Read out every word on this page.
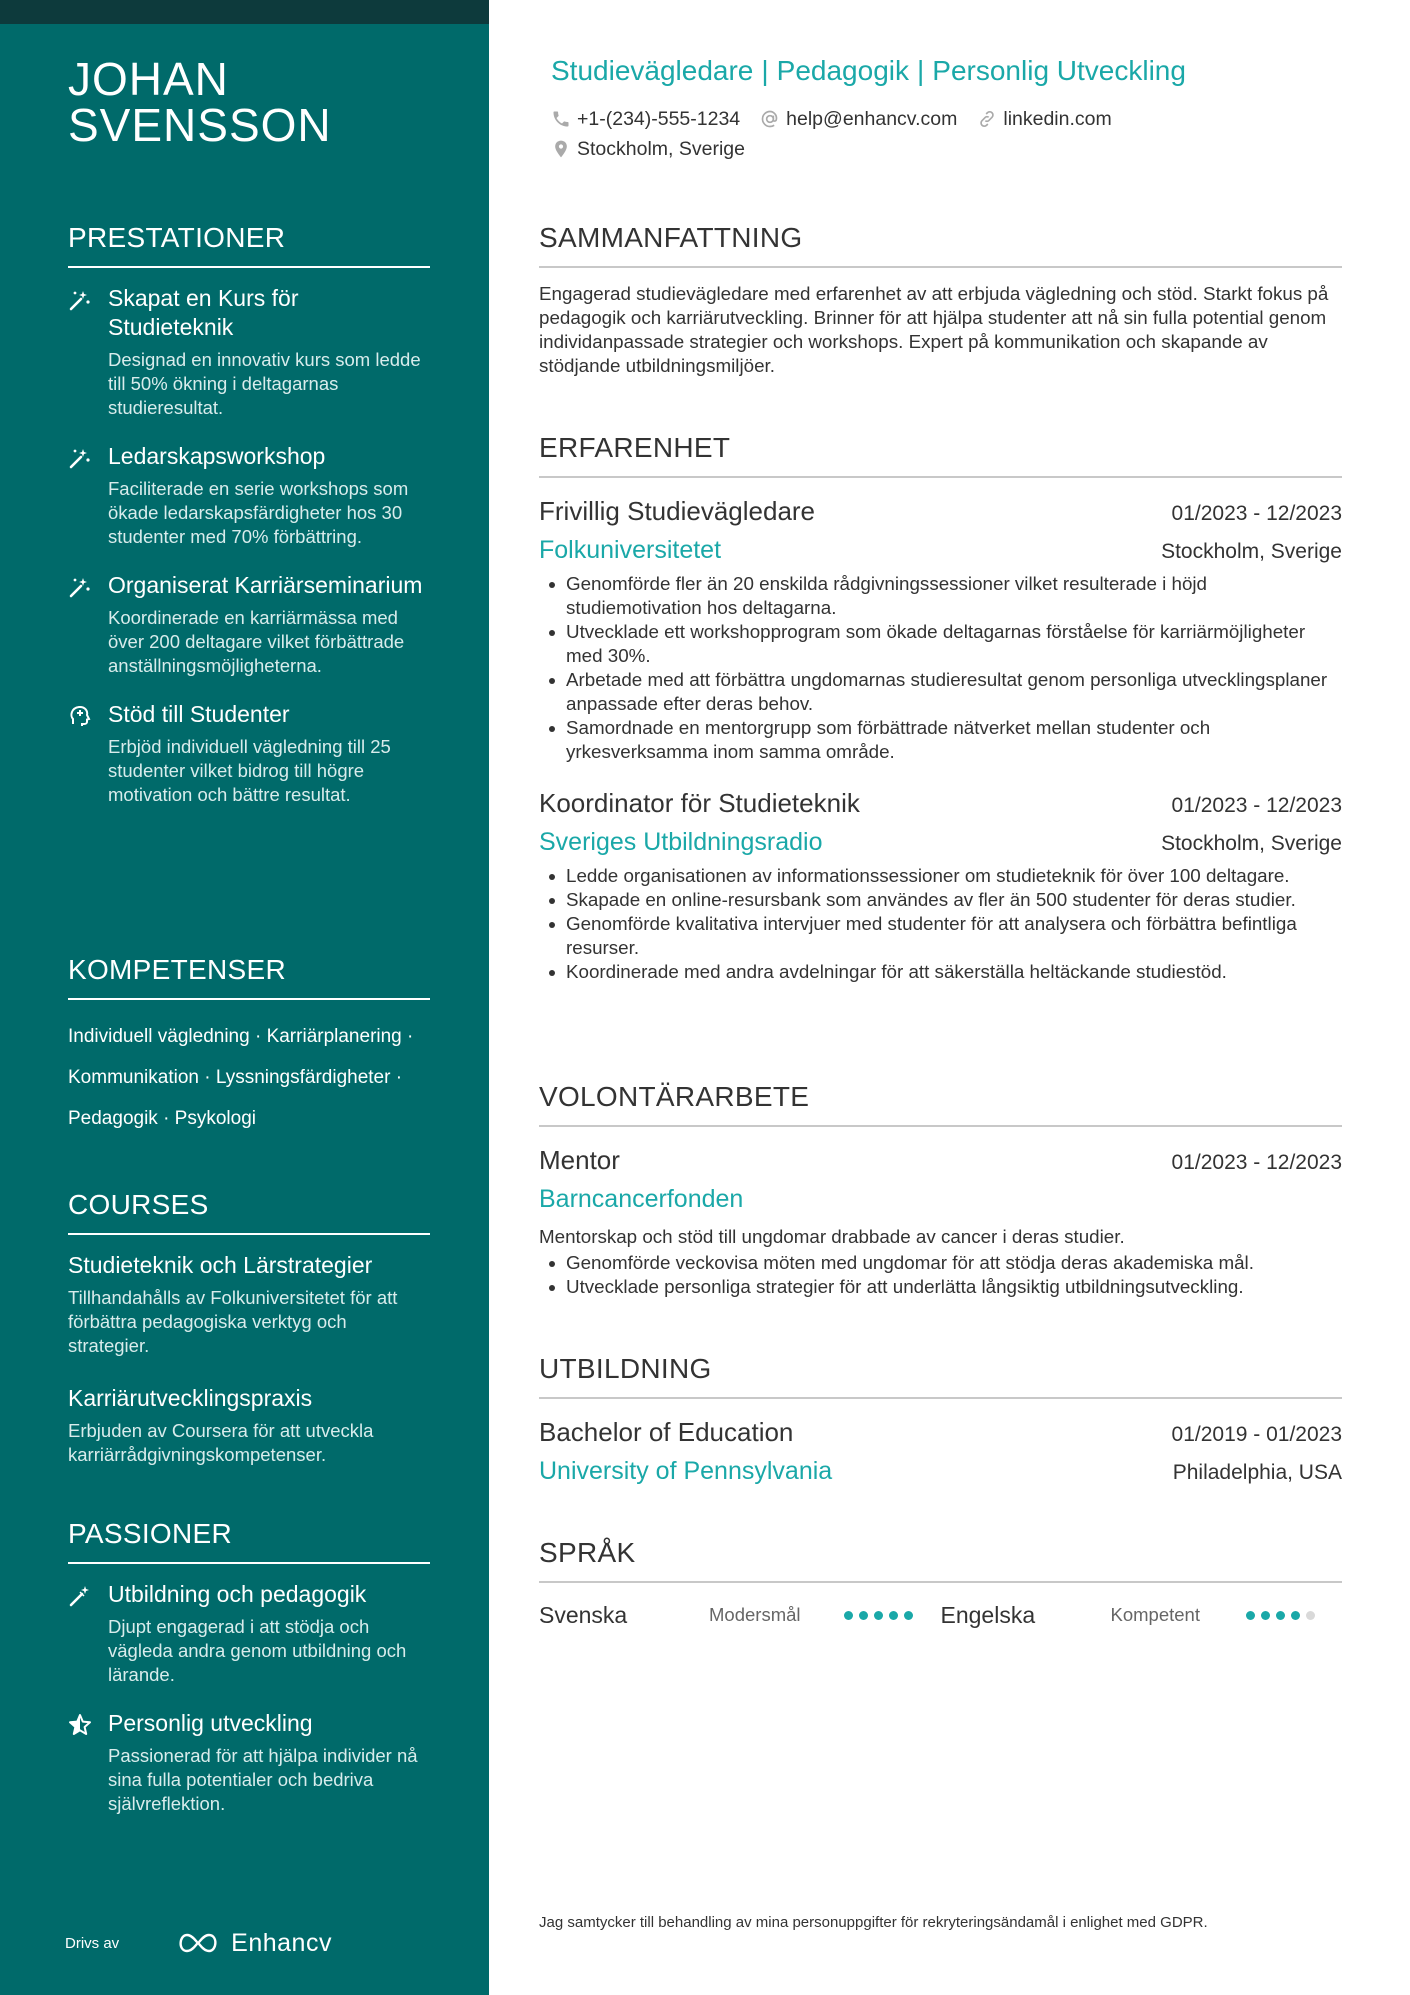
JOHAN
SVENSSON
PRESTATIONER
Skapat en Kurs för Studieteknik
Designad en innovativ kurs som ledde till 50% ökning i deltagarnas studieresultat.
Ledarskapsworkshop
Faciliterade en serie workshops som ökade ledarskapsfärdigheter hos 30 studenter med 70% förbättring.
Organiserat Karriärseminarium
Koordinerade en karriärmässa med över 200 deltagare vilket förbättrade anställningsmöjligheterna.
Stöd till Studenter
Erbjöd individuell vägledning till 25 studenter vilket bidrog till högre motivation och bättre resultat.
KOMPETENSER
Individuell vägledning · Karriärplanering ·
Kommunikation · Lyssningsfärdigheter ·
Pedagogik · Psykologi
COURSES
Studieteknik och Lärstrategier
Tillhandahålls av Folkuniversitetet för att förbättra pedagogiska verktyg och strategier.
Karriärutvecklingspraxis
Erbjuden av Coursera för att utveckla karriärrådgivningskompetenser.
PASSIONER
Utbildning och pedagogik
Djupt engagerad i att stödja och vägleda andra genom utbildning och lärande.
Personlig utveckling
Passionerad för att hjälpa individer nå sina fulla potentialer och bedriva självreflektion.
Drivs av	Enhancv
Studievägledare | Pedagogik | Personlig Utveckling
+1-(234)-555-1234 help@enhancv.com linkedin.com
Stockholm, Sverige
SAMMANFATTNING
Engagerad studievägledare med erfarenhet av att erbjuda vägledning och stöd. Starkt fokus på pedagogik och karriärutveckling. Brinner för att hjälpa studenter att nå sin fulla potential genom individanpassade strategier och workshops. Expert på kommunikation och skapande av stödjande utbildningsmiljöer.
ERFARENHET
Frivillig Studievägledare	01/2023 - 12/2023
Folkuniversitetet	Stockholm, Sverige
Genomförde fler än 20 enskilda rådgivningssessioner vilket resulterade i höjd studiemotivation hos deltagarna.
Utvecklade ett workshopprogram som ökade deltagarnas förståelse för karriärmöjligheter med 30%.
Arbetade med att förbättra ungdomarnas studieresultat genom personliga utvecklingsplaner anpassade efter deras behov.
Samordnade en mentorgrupp som förbättrade nätverket mellan studenter och yrkesverksamma inom samma område.
Koordinator för Studieteknik	01/2023 - 12/2023
Sveriges Utbildningsradio	Stockholm, Sverige
Ledde organisationen av informationssessioner om studieteknik för över 100 deltagare.
Skapade en online-resursbank som användes av fler än 500 studenter för deras studier.
Genomförde kvalitativa intervjuer med studenter för att analysera och förbättra befintliga resurser.
Koordinerade med andra avdelningar för att säkerställa heltäckande studiestöd.
VOLONTÄRARBETE
Mentor	01/2023 - 12/2023
Barncancerfonden
Mentorskap och stöd till ungdomar drabbade av cancer i deras studier.
Genomförde veckovisa möten med ungdomar för att stödja deras akademiska mål.
Utvecklade personliga strategier för att underlätta långsiktig utbildningsutveckling.
UTBILDNING
Bachelor of Education	01/2019 - 01/2023
University of Pennsylvania	Philadelphia, USA
SPRÅK
Svenska	Modersmål	Engelska	Kompetent
Jag samtycker till behandling av mina personuppgifter för rekryteringsändamål i enlighet med GDPR.
